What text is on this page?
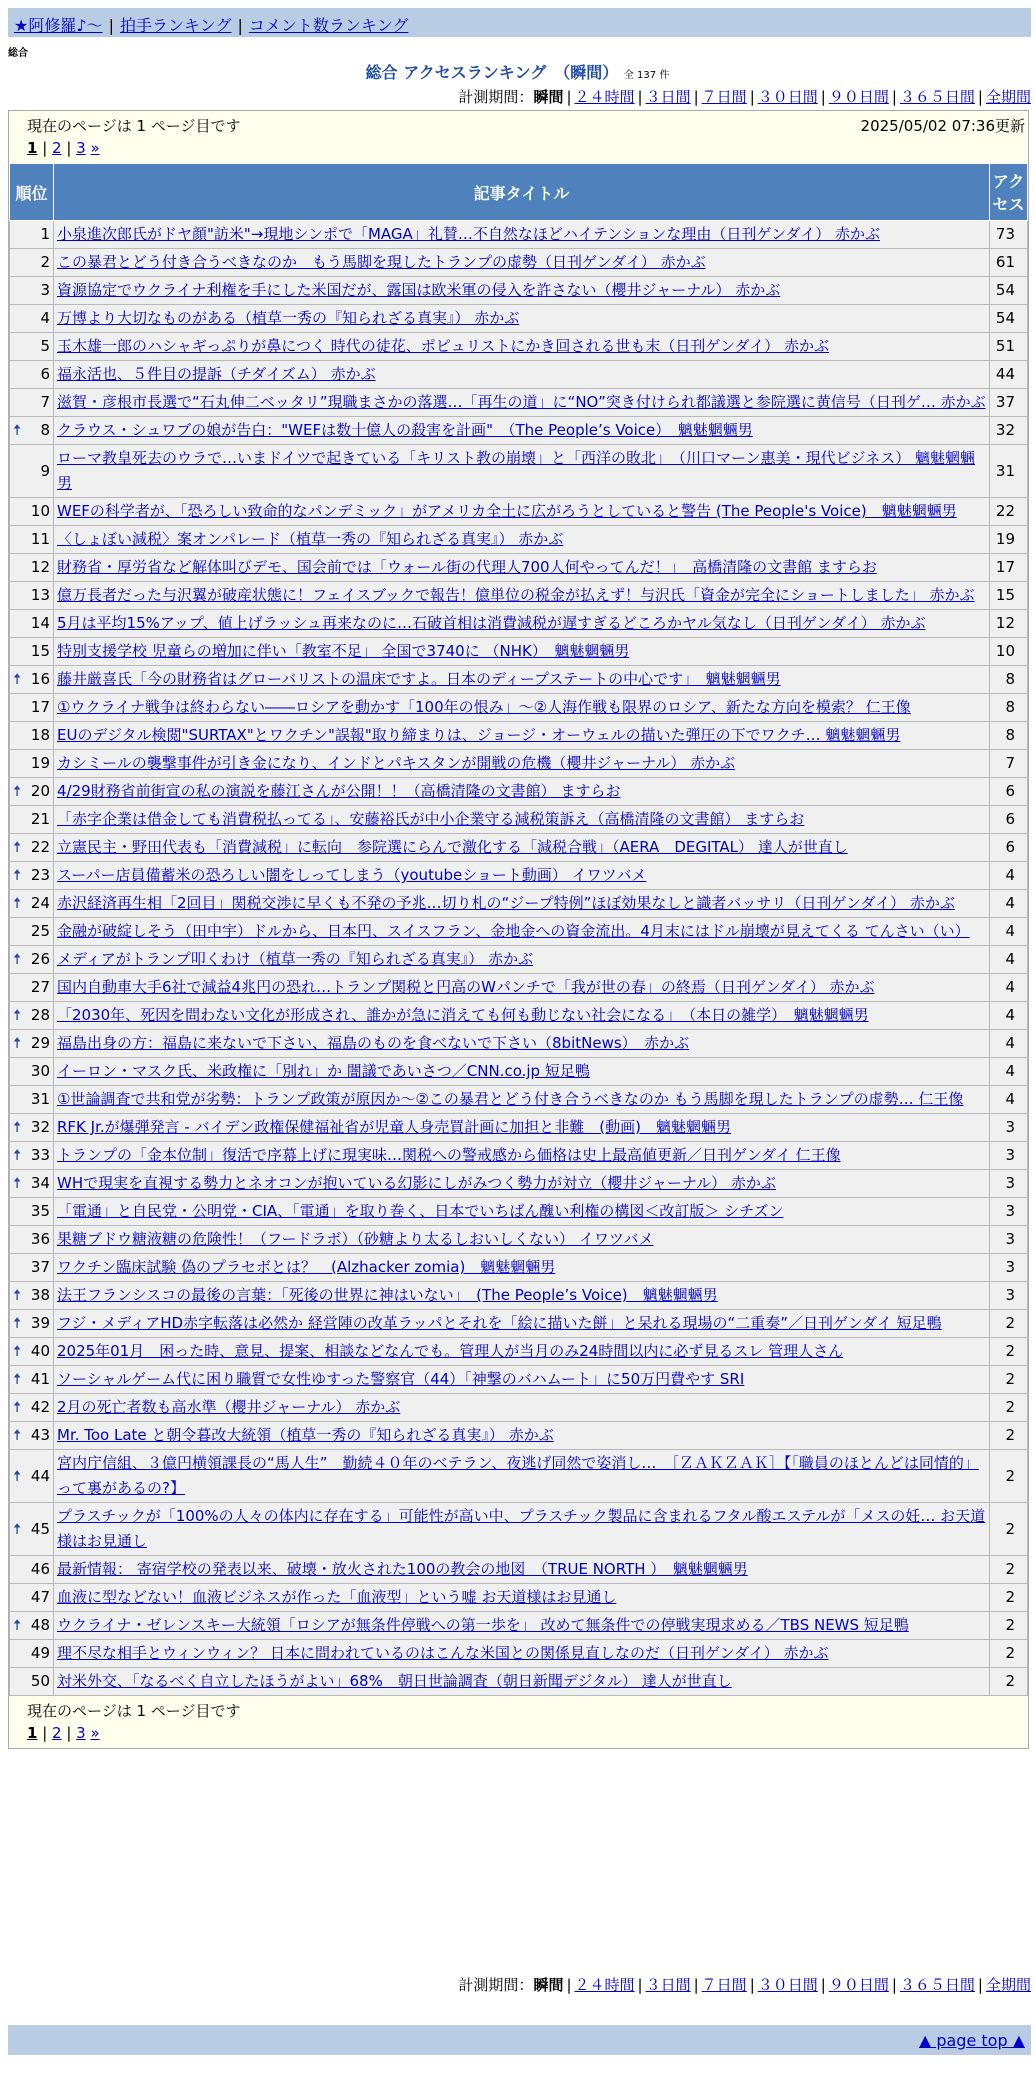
★阿修羅♪〜 | 拍手ランキング | コメント数ランキング
総合
総合 アクセスランキング　（瞬間） 全 137 件
計測期間：瞬間 | ２４時間 | ３日間 | ７日間 | ３０日間 | ９０日間 | ３６５日間 | 全期間
現在のページは 1 ページ目です	2025/05/02 07:36更新
1 | 2 | 3 »
順位	記事タイトル	アクセス
1	小泉進次郎氏がドヤ顔"訪米"→現地シンポで「MAGA」礼賛…不自然なほどハイテンションな理由（日刊ゲンダイ） 赤かぶ	73
2	この暴君とどう付き合うべきなのか　もう馬脚を現したトランプの虚勢（日刊ゲンダイ） 赤かぶ	61
3	資源協定でウクライナ利権を手にした米国だが、露国は欧米軍の侵入を許さない（櫻井ジャーナル） 赤かぶ	54
4	万博より大切なものがある（植草一秀の『知られざる真実』） 赤かぶ	54
5	玉木雄一郎のハシャギっぷりが鼻につく 時代の徒花、ポピュリストにかき回される世も末（日刊ゲンダイ） 赤かぶ	51
6	福永活也、５件目の提訴（チダイズム） 赤かぶ	44
7	滋賀・彦根市長選で“石丸伸二ベッタリ”現職まさかの落選…「再生の道」に“NO”突き付けられ都議選と参院選に黄信号（日刊ゲ… 赤かぶ	37

🠅 8	クラウス・シュワブの娘が告白："WEFは数十億人の殺害を計画"　（The People’s Voice）　魑魅魍魎男	32
9	ローマ教皇死去のウラで…いまドイツで起きている「キリスト教の崩壊」と「西洋の敗北」　（川口マーン惠美・現代ビジネス） 魑魅魍魎男	31
10	WEFの科学者が、「恐ろしい致命的なパンデミック」がアメリカ全土に広がろうとしていると警告 (The People's Voice)　魑魅魍魎男	22
11	〈しょぼい減税〉案オンパレード（植草一秀の『知られざる真実』） 赤かぶ	19
12	財務省・厚労省など解体叫びデモ、国会前では「ウォール街の代理人700人何やってんだ！」　高橋清隆の文書館 ますらお	17
13	億万長者だった与沢翼が破産状態に！フェイスブックで報告！億単位の税金が払えず！与沢氏「資金が完全にショートしました」 赤かぶ	15
14	5月は平均15%アップ、値上げラッシュ再来なのに…石破首相は消費減税が遅すぎるどころかヤル気なし（日刊ゲンダイ） 赤かぶ	12
15	特別支援学校 児童らの増加に伴い「教室不足」 全国で3740に （NHK）　魑魅魍魎男	10

🠅 16	藤井厳喜氏「今の財務省はグローバリストの温床ですよ。日本のディープステートの中心です」　魑魅魍魎男	8
17	①ウクライナ戦争は終わらない――ロシアを動かす「100年の恨み」〜②人海作戦も限界のロシア、新たな方向を模索？ 仁王像	8
18	EUのデジタル検閲"SURTAX"とワクチン"誤報"取り締まりは、ジョージ・オーウェルの描いた弾圧の下でワクチ… 魑魅魍魎男	8
19	カシミールの襲撃事件が引き金になり、インドとパキスタンが開戦の危機（櫻井ジャーナル） 赤かぶ	7

🠅 20	4/29財務省前街宣の私の演説を藤江さんが公開！！（高橋清隆の文書館） ますらお	6
21	「赤字企業は借金しても消費税払ってる」、安藤裕氏が中小企業守る減税策訴え（高橋清隆の文書館） ますらお	6

🠅 22	立憲民主・野田代表も「消費減税」に転向　参院選にらんで激化する「減税合戦」（AERA　DEGITAL） 達人が世直し	6

🠅 23	スーパー店員備蓄米の恐ろしい闇をしってしまう（youtubeショート動画） イワツバメ	4

🠅 24	赤沢経済再生相「2回目」関税交渉に早くも不発の予兆…切り札の“ジープ特例”ほぼ効果なしと識者バッサリ（日刊ゲンダイ） 赤かぶ	4
25	金融が破綻しそう（田中宇）ドルから、日本円、スイスフラン、金地金への資金流出。4月末にはドル崩壊が見えてくる てんさい（い）	4

🠅 26	メディアがトランプ叩くわけ（植草一秀の『知られざる真実』） 赤かぶ	4
27	国内自動車大手6社で減益4兆円の恐れ…トランプ関税と円高のWパンチで「我が世の春」の終焉（日刊ゲンダイ） 赤かぶ	4

🠅 28	「2030年、死因を問わない文化が形成され、誰かが急に消えても何も動じない社会になる」　（本日の雑学）　魑魅魍魎男	4

🠅 29	福島出身の方：福島に来ないで下さい、福島のものを食べないで下さい（8bitNews）　赤かぶ	4
30	イーロン・マスク氏、米政権に「別れ」か 闇議であいさつ／CNN.co.jp 短足鴨	4
31	①世論調査で共和党が劣勢：トランプ政策が原因か〜②この暴君とどう付き合うべきなのか もう馬脚を現したトランプの虚勢… 仁王像	4

🠅 32	RFK Jr.が爆弾発言 - バイデン政権保健福祉省が児童人身売買計画に加担と非難　(動画)　魑魅魍魎男	3

🠅 33	トランプの「金本位制」復活で序幕上げに現実味…関税への警戒感から価格は史上最高値更新／日刊ゲンダイ 仁王像	3

🠅 34	WHで現実を直視する勢力とネオコンが抱いている幻影にしがみつく勢力が対立（櫻井ジャーナル） 赤かぶ	3
35	「電通」と自民党・公明党・CIA、「電通」を取り巻く、日本でいちばん醜い利権の構図＜改訂版＞ シチズン	3
36	果糖ブドウ糖液糖の危険性！（フードラボ）（砂糖より太るしおいしくない） イワツバメ	3
37	ワクチン臨床試験 偽のプラセボとは？　(Alzhacker zomia)　魑魅魍魎男	3

🠅 38	法王フランシスコの最後の言葉：「死後の世界に神はいない」　(The People’s Voice)　魑魅魍魎男	3

🠅 39	フジ・メディアHD赤字転落は必然か 経営陣の改革ラッパとそれを「絵に描いた餅」と呆れる現場の“二重奏”／日刊ゲンダイ 短足鴨	2

🠅 40	2025年01月　困った時、意見、提案、相談などなんでも。管理人が当月のみ24時間以内に必ず見るスレ 管理人さん	2

🠅 41	ソーシャルゲーム代に困り職質で女性ゆすった警察官（44）「神撃のバハムート」に50万円費やす SRI	2

🠅 42	2月の死亡者数も高水準（櫻井ジャーナル） 赤かぶ	2

🠅 43	Mr. Too Late と朝令暮改大統領（植草一秀の『知られざる真実』） 赤かぶ	2

🠅 44	宮内庁信組、３億円横領課長の“馬人生”　勤続４０年のベテラン、夜逃げ同然で姿消し…　［ＺＡＫＺＡＫ］【「職員のほとんどは同情的」って裏があるの?】	2

🠅 45	プラスチックが「100%の人々の体内に存在する」可能性が高い中、プラスチック製品に含まれるフタル酸エステルが「メスの妊… お天道様はお見通し	2
46	最新情報： 寄宿学校の発表以来、破壊・放火された100の教会の地図　（TRUE NORTH ）　魑魅魍魎男	2
47	血液に型などない！血液ビジネスが作った「血液型」という嘘 お天道様はお見通し	2

🠅 48	ウクライナ・ゼレンスキー大統領「ロシアが無条件停戦への第一歩を」 改めて無条件での停戦実現求める／TBS NEWS 短足鴨	2
49	理不尽な相手とウィンウィン？ 日本に問われているのはこんな米国との関係見直しなのだ（日刊ゲンダイ） 赤かぶ	2
50	対米外交、「なるべく自立したほうがよい」68%　朝日世論調査（朝日新聞デジタル） 達人が世直し	2
現在のページは 1 ページ目です
1 | 2 | 3 »
計測期間：瞬間 | ２４時間 | ３日間 | ７日間 | ３０日間 | ９０日間 | ３６５日間 | 全期間
▲ page top ▲
